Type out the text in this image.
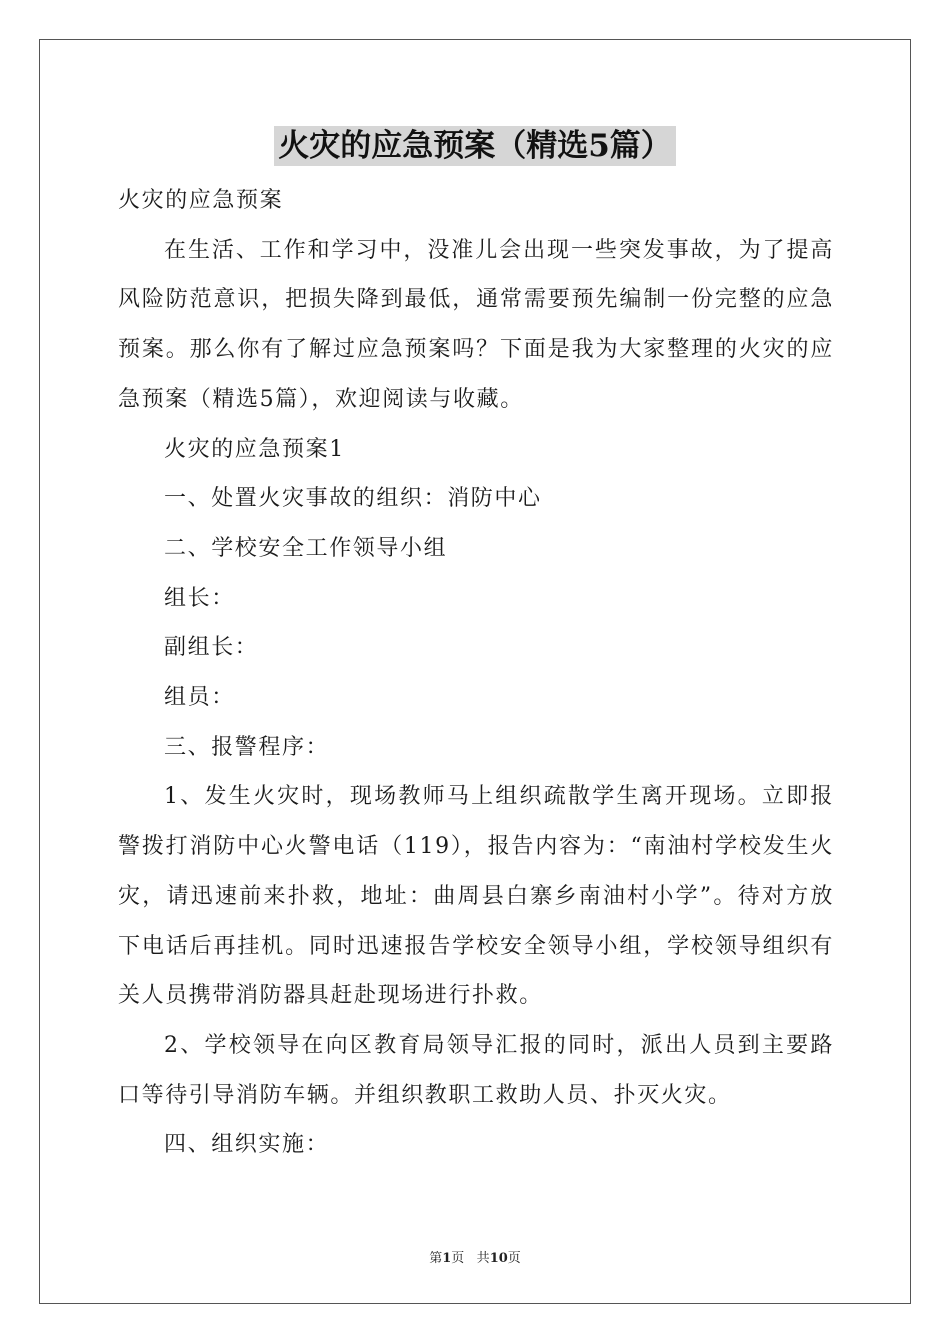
火灾的应急预案（精选5篇）

火灾的应急预案

在生活、工作和学习中，没准儿会出现一些突发事故，为了提高风险防范意识，把损失降到最低，通常需要预先编制一份完整的应急预案。那么你有了解过应急预案吗？下面是我为大家整理的火灾的应急预案（精选5篇），欢迎阅读与收藏。

火灾的应急预案1

一、处置火灾事故的组织：消防中心

二、学校安全工作领导小组

组长：

副组长：

组员：

三、报警程序：

1、发生火灾时，现场教师马上组织疏散学生离开现场。立即报警拨打消防中心火警电话（119），报告内容为：“南油村学校发生火灾，请迅速前来扑救，地址：曲周县白寨乡南油村小学”。待对方放下电话后再挂机。同时迅速报告学校安全领导小组，学校领导组织有关人员携带消防器具赶赴现场进行扑救。

2、学校领导在向区教育局领导汇报的同时，派出人员到主要路口等待引导消防车辆。并组织教职工救助人员、扑灭火灾。

四、组织实施：

第1页 共10页
